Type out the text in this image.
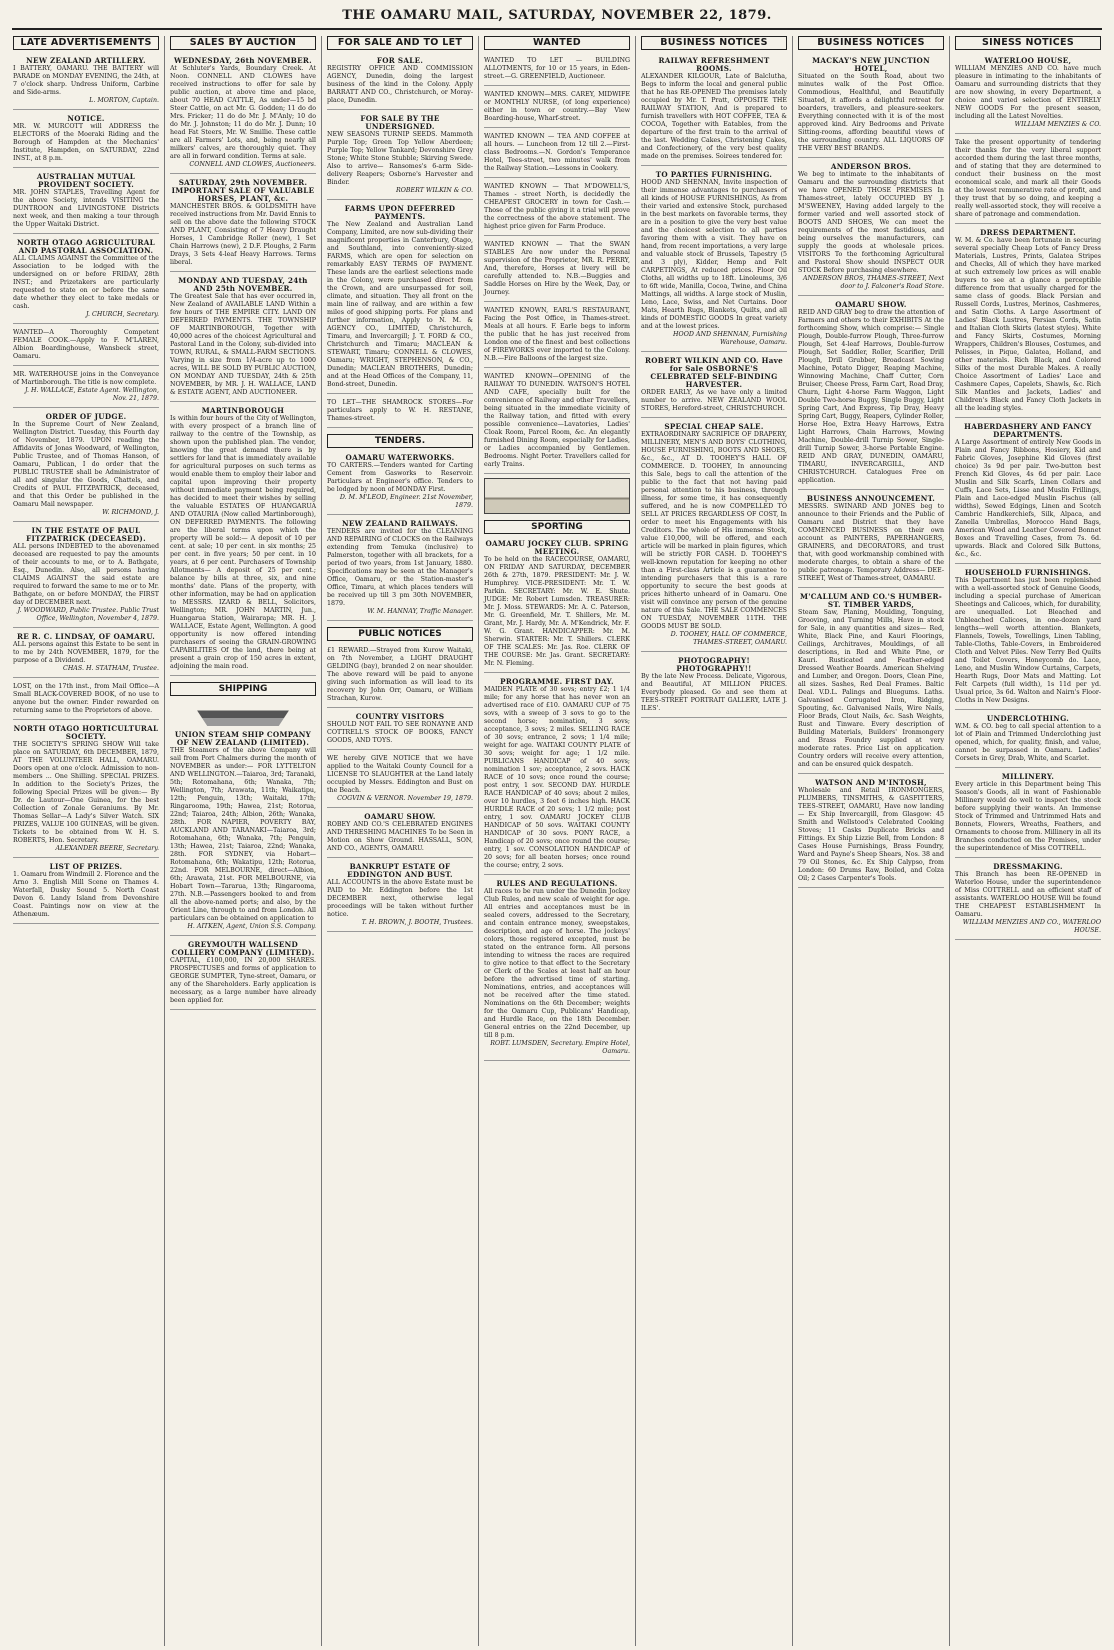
THE OAMARU MAIL, SATURDAY, NOVEMBER 22, 1879.
LATE ADVERTISEMENTS
NEW ZEALAND ARTILLERY.
I BATTERY, OAMARU. THE BATTERY will PARADE on MONDAY EVENING, the 24th, at 7 o'clock sharp. Undress Uniform, Carbine and Side-arms.
L. MORTON, Captain.
NOTICE.
MR. W. MURCOTT will ADDRESS the ELECTORS of the Moeraki Riding and the Borough of Hampden at the Mechanics' Institute, Hampden, on SATURDAY, 22nd INST., at 8 p.m.
AUSTRALIAN MUTUAL PROVIDENT SOCIETY.
MR. JOHN STAPLES, Travelling Agent for the above Society, intends VISITING the DUNTROON and LIVINGSTONE Districts next week, and then making a tour through the Upper Waitaki District.
NORTH OTAGO AGRICULTURAL AND PASTORAL ASSOCIATION.
ALL CLAIMS AGAINST the Committee of the Association to be lodged with the undersigned on or before FRIDAY, 28th INST.; and Prizetakers are particularly requested to state on or before the same date whether they elect to take medals or cash.
J. CHURCH, Secretary.
WANTED—A Thoroughly Competent FEMALE COOK.—Apply to F. M'LAREN, Albion Boardinghouse, Wansbeck street, Oamaru.
MR. WATERHOUSE joins in the Conveyance of Martinborough. The title is now complete.
J. H. WALLACE, Estate Agent. Wellington, Nov. 21, 1879.
ORDER OF JUDGE.
In the Supreme Court of New Zealand, Wellington District. Tuesday, this Fourth day of November, 1879. UPON reading the Affidavits of Jonas Woodward, of Wellington, Public Trustee, and of Thomas Hanson, of Oamaru, Publican, I do order that the PUBLIC TRUSTEE shall be Administrator of all and singular the Goods, Chattels, and Credits of PAUL FITZPATRICK, deceased, and that this Order be published in the Oamaru Mail newspaper.
W. RICHMOND, J.
IN THE ESTATE OF PAUL FITZPATRICK (DECEASED).
ALL persons INDEBTED to the abovenamed deceased are requested to pay the amounts of their accounts to me, or to A. Bathgate, Esq., Dunedin. Also, all persons having CLAIMS AGAINST the said estate are required to forward the same to me or to Mr. Bathgate, on or before MONDAY, the FIRST day of DECEMBER next.
J. WOODWARD, Public Trustee. Public Trust Office, Wellington, November 4, 1879.
RE R. C. LINDSAY, OF OAMARU.
ALL persons against this Estate to be sent in to me by 24th NOVEMBER, 1879, for the purpose of a Dividend.
CHAS. H. STATHAM, Trustee.
LOST, on the 17th inst., from Mail Office—A Small BLACK-COVERED BOOK, of no use to anyone but the owner. Finder rewarded on returning same to the Proprietors of above.
NORTH OTAGO HORTICULTURAL SOCIETY.
THE SOCIETY'S SPRING SHOW Will take place on SATURDAY, 6th DECEMBER, 1879, AT THE VOLUNTEER HALL, OAMARU. Doors open at one o'clock. Admission to non-members ... One Shilling. SPECIAL PRIZES. In addition to the Society's Prizes, the following Special Prizes will be given:— By Dr. de Lautour—One Guinea, for the best Collection of Zonale Geraniums. By Mr. Thomas Sellar—A Lady's Silver Watch. SIX PRIZES, VALUE 100 GUINEAS, will be given. Tickets to be obtained from W. H. S. ROBERTS, Hon. Secretary.
ALEXANDER BEERE, Secretary.
LIST OF PRIZES.
1. Oamaru from Windmill 2. Florence and the Arno 3. English Mill Scene on Thames 4. Waterfall, Dusky Sound 5. North Coast Devon 6. Landy Island from Devonshire Coast. Paintings now on view at the Athenæum.
SALES BY AUCTION
WEDNESDAY, 26th NOVEMBER.
At Schluter's Yards, Boundary Creek. At Noon. CONNELL AND CLOWES have received instructions to offer for sale by public auction, at above time and place, about 70 HEAD CATTLE, As under—15 bd Steer Cattle, on act Mr. G. Godden; 11 do do Mrs. Fricker; 11 do do Mr. J. M'Anly; 10 do do Mr. J. Johnston; 11 do do Mr. J. Dunn; 10 head Fat Steers, Mr. W. Smillie. These cattle are all Farmers' Lots, and, being nearly all milkers' calves, are thoroughly quiet. They are all in forward condition. Terms at sale.
CONNELL AND CLOWES, Auctioneers.
SATURDAY, 29th NOVEMBER. IMPORTANT SALE OF VALUABLE HORSES, PLANT, &c.
MANCHESTER BROS. & GOLDSMITH have received instructions from Mr. David Ennis to sell on the above date the following STOCK AND PLANT, Consisting of 7 Heavy Draught Horses, 1 Cambridge Roller (new), 1 Set Chain Harrows (new), 2 D.F. Ploughs, 2 Farm Drays, 3 Sets 4-leaf Heavy Harrows. Terms liberal.
MONDAY AND TUESDAY, 24th AND 25th NOVEMBER.
The Greatest Sale that has ever occurred in, New Zealand of AVAILABLE LAND Within a few hours of THE EMPIRE CITY. LAND ON DEFERRED PAYMENTS. THE TOWNSHIP OF MARTINBOROUGH, Together with 40,000 acres of the choicest Agricultural and Pastoral Land in the Colony, sub-divided into TOWN, RURAL, & SMALL-FARM SECTIONS. Varying in size from 1/4-acre up to 1000 acres, WILL BE SOLD BY PUBLIC AUCTION, ON MONDAY AND TUESDAY, 24th & 25th NOVEMBER, by MR. J. H. WALLACE, LAND & ESTATE AGENT, AND AUCTIONEER.
MARTINBOROUGH
Is within four hours of the City of Wellington, with every prospect of a branch line of railway to the centre of the Township, as shown upon the published plan. The vendor, knowing the great demand there is by settlers for land that is immediately available for agricultural purposes on such terms as would enable them to employ their labor and capital upon improving their property without immediate payment being required, has decided to meet their wishes by selling the valuable ESTATES OF HUANGARUA AND OTAURIA (Now called Martinborough), ON DEFERRED PAYMENTS. The following are the liberal terms upon which the property will be sold:— A deposit of 10 per cent. at sale; 10 per cent. in six months; 25 per cent. in five years; 50 per cent. in 10 years, at 6 per cent. Purchasers of Township Allotments— A deposit of 25 per cent.; balance by bills at three, six, and nine months' date. Plans of the property, with other information, may be had on application to MESSRS. IZARD & BELL, Solicitors, Wellington; MR. JOHN MARTIN, Jun., Huangarua Station, Wairarapa; MR. H. J. WALLACE, Estate Agent, Wellington. A good opportunity is now offered intending purchasers of seeing the GRAIN-GROWING CAPABILITIES Of the land, there being at present a grain crop of 150 acres in extent, adjoining the main road.
SHIPPING
UNION STEAM SHIP COMPANY OF NEW ZEALAND (LIMITED).
THE Steamers of the above Company will sail from Port Chalmers during the month of NOVEMBER as under:— FOR LYTTELTON AND WELLINGTON.—Taiaroa, 3rd; Taranaki, 5th; Rotomahana, 6th; Wanaka, 7th; Wellington, 7th; Arawata, 11th; Waikatipu, 12th; Penguin, 13th; Waitaki, 17th; Ringarooma, 19th; Hawea, 21st; Rotorua, 22nd; Taiaroa, 24th; Albion, 26th; Wanaka, 28th. FOR NAPIER, POVERTY BAY, AUCKLAND AND TARANAKI—Taiaroa, 3rd; Rotomahana, 6th; Wanaka, 7th; Penguin, 13th; Hawea, 21st; Taiaroa, 22nd; Wanaka, 28th. FOR SYDNEY, via Hobart—Rotomahana, 6th; Wakatipu, 12th; Rotorua, 22nd. FOR MELBOURNE, direct—Albion, 6th; Arawata, 21st. FOR MELBOURNE, via Hobart Town—Tararua, 13th; Ringarooma, 27th. N.B.—Passengers booked to and from all the above-named ports; and also, by the Orient Line, through to and from London. All particulars can be obtained on application to
H. AITKEN, Agent, Union S.S. Company.
GREYMOUTH WALLSEND COLLIERY COMPANY (LIMITED).
CAPITAL, £100,000, IN 20,000 SHARES. PROSPECTUSES and forms of application to GEORGE SUMPTER, Tyne-street, Oamaru, or any of the Shareholders. Early application is necessary, as a large number have already been applied for.
FOR SALE AND TO LET
FOR SALE.
REGISTRY OFFICE AND COMMISSION AGENCY, Dunedin, doing the largest business of the kind in the Colony. Apply BARRATT AND CO., Christchurch, or Moray-place, Dunedin.
FOR SALE BY THE UNDERSIGNED.
NEW SEASONS TURNIP SEEDS. Mammoth Purple Top; Green Top Yellow Aberdeen; Purple Top; Yellow Tankard; Devonshire Grey Stone; White Stone Stubble; Skirving Swede. Also to arrive— Ransomes's 6-arm Side-delivery Reapers; Osborne's Harvester and Binder.
ROBERT WILKIN & CO.
FARMS UPON DEFERRED PAYMENTS.
The New Zealand and Australian Land Company, Limited, are now sub-dividing their magnificent properties in Canterbury, Otago, and Southland, into conveniently-sized FARMS, which are open for selection on remarkably EASY TERMS OF PAYMENT. These lands are the earliest selections made in the Colony, were purchased direct from the Crown, and are unsurpassed for soil, climate, and situation. They all front on the main line of railway, and are within a few miles of good shipping ports. For plans and further information, Apply to N. M. & AGENCY CO., LIMITED, Christchurch, Timaru, and Invercargill; J. T. FORD & CO., Christchurch and Timaru; MACLEAN & STEWART, Timaru; CONNELL & CLOWES, Oamaru; WRIGHT, STEPHENSON, & CO., Dunedin; MACLEAN BROTHERS, Dunedin; and at the Head Offices of the Company, 11, Bond-street, Dunedin.
TO LET—THE SHAMROCK STORES—For particulars apply to W. H. RESTANE, Thames-street.
TENDERS.
OAMARU WATERWORKS.
TO CARTERS.—Tenders wanted for Carting Cement from Gasworks to Reservoir. Particulars at Engineer's office. Tenders to be lodged by noon of MONDAY First.
D. M. M'LEOD, Engineer. 21st November, 1879.
NEW ZEALAND RAILWAYS.
TENDERS are invited for the CLEANING AND REPAIRING of CLOCKS on the Railways extending from Temuka (inclusive) to Palmerston, together with all brackets, for a period of two years, from 1st January, 1880. Specifications may be seen at the Manager's Office, Oamaru, or the Station-master's Office, Timaru, at which places tenders will be received up till 3 pm 30th NOVEMBER, 1879.
W. M. HANNAY, Traffic Manager.
PUBLIC NOTICES
£1 REWARD.—Strayed from Kurow Waitaki, on 7th November, a LIGHT DRAUGHT GELDING (bay), branded 2 on near shoulder. The above reward will be paid to anyone giving such information as will lead to its recovery by John Orr, Oamaru, or William Strachan, Kurow.
COUNTRY VISITORS
SHOULD NOT FAIL TO SEE RONAYNE AND COTTRELL'S STOCK OF BOOKS, FANCY GOODS, AND TOYS.
WE hereby GIVE NOTICE that we have applied to the Waitaki County Council for a LICENSE TO SLAUGHTER at the Land lately occupied by Messrs. Eddington and Bust on the Beach.
COGVIN & VERNOR. November 19, 1879.
OAMARU SHOW.
ROBEY AND CO.'S CELEBRATED ENGINES AND THRESHING MACHINES To be Seen in Motion on Show Ground. HASSALL, SON, AND CO., AGENTS, OAMARU.
BANKRUPT ESTATE OF EDDINGTON AND BUST.
ALL ACCOUNTS in the above Estate must be PAID to Mr. Eddington before the 1st DECEMBER next, otherwise legal proceedings will be taken without further notice.
T. H. BROWN, J. BOOTH, Trustees.
WANTED
WANTED TO LET — BUILDING ALLOTMENTS, for 10 or 15 years, in Eden-street.—G. GREENFIELD, Auctioneer.
WANTED KNOWN—MRS. CAREY, MIDWIFE or MONTHLY NURSE, (of long experience) either in town or country.—Bay View Boarding-house, Wharf-street.
WANTED KNOWN — TEA AND COFFEE at all hours. — Luncheon from 12 till 2.—First-class Bedrooms.—N. Gordon's Temperance Hotel, Tees-street, two minutes' walk from the Railway Station.—Lessons in Cookery.
WANTED KNOWN — That M'DOWELL'S, Thames - street North, is decidedly the CHEAPEST GROCERY in town for Cash.—Those of the public giving it a trial will prove the correctness of the above statement. The highest price given for Farm Produce.
WANTED KNOWN — That the SWAN STABLES Are now under the Personal supervision of the Proprietor, MR. R. PERRY, And, therefore, Horses at livery will be carefully attended to. N.B.—Buggies and Saddle Horses on Hire by the Week, Day, or Journey.
WANTED KNOWN, EARL'S RESTAURANT, Facing the Post Office, in Thames-street. Meals at all hours. F. Earle begs to inform the public that he has just received from London one of the finest and best collections of FIREWORKS ever imported to the Colony. N.B.—Fire Balloons of the largest size.
WANTED KNOWN—OPENING of the RAILWAY TO DUNEDIN. WATSON'S HOTEL AND CAFE, specially built for the convenience of Railway and other Travellers, being situated in the immediate vicinity of the Railway tation, and fitted with every possible convenience—Lavatories, Ladies' Cloak Room, Parcel Room, &c. An elegantly furnished Dining Room, especially for Ladies, or Ladies accompanied by Gentlemen. Bedrooms. Night Porter. Travellers called for early Trains.
SPORTING
OAMARU JOCKEY CLUB. SPRING MEETING.
To be held on the RACECOURSE, OAMARU, ON FRIDAY AND SATURDAY, DECEMBER 26th & 27th, 1879. PRESIDENT: Mr. J. W. Humphrey. VICE-PRESIDENT: Mr. T. W. Parkin. SECRETARY: Mr. W. E. Shute. JUDGE: Mr. Robert Lumsden. TREASURER: Mr. J. Moss. STEWARDS: Mr. A. C. Paterson, Mr. G. Greenfield, Mr. T. Shillers, Mr. M. Grant, Mr. J. Hardy, Mr. A. M'Kendrick, Mr. F. W. G. Grant. HANDICAPPER: Mr. M. Sherwin. STARTER: Mr. T. Shillers. CLERK OF THE SCALES: Mr. Jas. Roe. CLERK OF THE COURSE: Mr. Jas. Grant. SECRETARY: Mr. N. Fleming.
PROGRAMME. FIRST DAY.
MAIDEN PLATE of 30 sovs; entry £2; 1 1/4 mile; for any horse that has never won an advertised race of £10. OAMARU CUP of 75 sovs, with a sweep of 3 sovs to go to the second horse; nomination, 3 sovs; acceptance, 3 sovs; 2 miles. SELLING RACE of 30 sovs; entrance, 2 sovs; 1 1/4 mile; weight for age. WAITAKI COUNTY PLATE of 30 sovs; weight for age; 1 1/2 mile. PUBLICANS HANDICAP of 40 sovs; nomination 1 sov; acceptance, 2 sovs. HACK RACE of 10 sovs; once round the course; post entry, 1 sov. SECOND DAY. HURDLE RACE HANDICAP of 40 sovs; about 2 miles, over 10 hurdles, 3 feet 6 inches high. HACK HURDLE RACE of 20 sovs; 1 1/2 mile; post entry, 1 sov. OAMARU JOCKEY CLUB HANDICAP of 50 sovs. WAITAKI COUNTY HANDICAP of 30 sovs. PONY RACE, a Handicap of 20 sovs; once round the course; entry, 1 sov. CONSOLATION HANDICAP of 20 sovs; for all beaten horses; once round the course; entry, 2 sovs.
RULES AND REGULATIONS.
All races to be run under the Dunedin Jockey Club Rules, and new scale of weight for age. All entries and acceptances must be in sealed covers, addressed to the Secretary, and contain entrance money, sweepstakes, description, and age of horse. The jockeys' colors, those registered excepted, must be stated on the entrance form. All persons intending to witness the races are required to give notice to that effect to the Secretary or Clerk of the Scales at least half an hour before the advertised time of starting. Nominations, entries, and acceptances will not be received after the time stated. Nominations on the 6th December; weights for the Oamaru Cup, Publicans' Handicap, and Hurdle Race, on the 18th December. General entries on the 22nd December, up till 8 p.m.
ROBT. LUMSDEN, Secretary. Empire Hotel, Oamaru.
BUSINESS NOTICES
RAILWAY REFRESHMENT ROOMS.
ALEXANDER KILGOUR, Late of Balclutha, Begs to inform the local and general public that he has RE-OPENED The premises lately occupied by Mr. T. Pratt, OPPOSITE THE RAILWAY STATION, And is prepared to furnish travellers with HOT COFFEE, TEA & COCOA, Together with Eatables, from the departure of the first train to the arrival of the last. Wedding Cakes, Christening Cakes, and Confectionery, of the very best quality made on the premises. Soirees tendered for.
TO PARTIES FURNISHING.
HOOD AND SHENNAN, Invite inspection of their immense advantages to purchasers of all kinds of HOUSE FURNISHINGS, As from their varied and extensive Stock, purchased in the best markets on favorable terms, they are in a position to give the very best value and the choicest selection to all parties favoring them with a visit. They have on hand, from recent importations, a very large and valuable stock of Brussels, Tapestry (5 and 3 ply), Kidder, Hemp and Felt CARPETINGS, At reduced prices. Floor Oil Cloths, all widths up to 18ft. Linoleums, 3/6 to 6ft wide, Manilla, Cocoa, Twine, and China Mattings, all widths. A large stock of Muslin, Leno, Lace, Swiss, and Net Curtains. Door Mats, Hearth Rugs, Blankets, Quilts, and all kinds of DOMESTIC GOODS In great variety and at the lowest prices.
HOOD AND SHENNAN, Furnishing Warehouse, Oamaru.
ROBERT WILKIN AND CO. Have for Sale OSBORNE'S CELEBRATED SELF-BINDING HARVESTER.
ORDER EARLY, As we have only a limited number to arrive. NEW ZEALAND WOOL STORES, Hereford-street, CHRISTCHURCH.
SPECIAL CHEAP SALE.
EXTRAORDINARY SACRIFICE OF DRAPERY, MILLINERY, MEN'S AND BOYS' CLOTHING, HOUSE FURNISHING, BOOTS AND SHOES, &c., &c., AT D. TOOHEY'S HALL OF COMMERCE. D. TOOHEY, In announcing this Sale, begs to call the attention of the public to the fact that not having paid personal attention to his business, through illness, for some time, it has consequently suffered, and he is now COMPELLED TO SELL AT PRICES REGARDLESS OF COST, In order to meet his Engagements with his Creditors. The whole of His immense Stock, value £10,000, will be offered, and each article will be marked in plain figures, which will be strictly FOR CASH. D. TOOHEY'S well-known reputation for keeping no other than a First-class Article is a guarantee to intending purchasers that this is a rare opportunity to secure the best goods at prices hitherto unheard of in Oamaru. One visit will convince any person of the genuine nature of this Sale. THE SALE COMMENCES ON TUESDAY, NOVEMBER 11TH. THE GOODS MUST BE SOLD.
D. TOOHEY, HALL OF COMMERCE, THAMES-STREET, OAMARU.
PHOTOGRAPHY! PHOTOGRAPHY!!
By the late New Process. Delicate, Vigorous, and Beautiful, AT MILLION PRICES. Everybody pleased. Go and see them at TEES-STREET PORTRAIT GALLERY, LATE J. ILES'.
BUSINESS NOTICES
MACKAY'S NEW JUNCTION HOTEL,
Situated on the South Road, about two minutes walk of the Post Office. Commodious, Healthful, and Beautifully Situated, it affords a delightful retreat for boarders, travellers, and pleasure-seekers. Everything connected with it is of the most approved kind. Airy Bedrooms and Private Sitting-rooms, affording beautiful views of the surrounding country. ALL LIQUORS OF THE VERY BEST BRANDS.
ANDERSON BROS.
We beg to intimate to the inhabitants of Oamaru and the surrounding districts that we have OPENED THOSE PREMISES In Thames-street, lately OCCUPIED BY J. M'SWEENEY, Having added largely to the former varied and well assorted stock of BOOTS AND SHOES, We can meet the requirements of the most fastidious, and being ourselves the manufacturers, can supply the goods at wholesale prices. VISITORS To the forthcoming Agricultural and Pastoral Show should INSPECT OUR STOCK Before purchasing elsewhere.
ANDERSON BROS, THAMES-STREET, Next door to J. Falconer's Road Store.
OAMARU SHOW.
REID AND GRAY beg to draw the attention of Farmers and others to their EXHIBITS At the forthcoming Show, which comprise:— Single Plough, Double-furrow Plough, Three-furrow Plough, Set 4-leaf Harrows, Double-furrow Plough, Set Saddler, Roller, Scarifier, Drill Plough, Drill Grubber, Broadcast Sowing Machine, Potato Digger, Reaping Machine, Winnowing Machine, Chaff Cutter, Corn Bruiser, Cheese Press, Farm Cart, Road Dray, Churn, Light 4-horse Farm Waggon, Light Double Two-horse Buggy, Single Buggy, Light Spring Cart, And Express, Tip Dray, Heavy Spring Cart, Buggy, Reapers, Cylinder Roller, Horse Hoe, Extra Heavy Harrows, Extra Light Harrows, Chain Harrows, Mowing Machine, Double-drill Turnip Sower, Single-drill Turnip Sower, 3-horse Portable Engine. REID AND GRAY, DUNEDIN, OAMARU, TIMARU, INVERCARGILL, AND CHRISTCHURCH. Catalogues Free on application.
BUSINESS ANNOUNCEMENT.
MESSRS. SWINARD AND JONES beg to announce to their Friends and the Public of Oamaru and District that they have COMMENCED BUSINESS on their own account as PAINTERS, PAPERHANGERS, GRAINERS, and DECORATORS, and trust that, with good workmanship combined with moderate charges, to obtain a share of the public patronage. Temporary Address— DEE-STREET, West of Thames-street, OAMARU.
M'CALLUM AND CO.'S HUMBER-ST. TIMBER YARDS,
Steam Saw, Planing, Moulding, Tonguing, Grooving, and Turning Mills, Have in stock for Sale, in any quantities and sizes— Red, White, Black Pine, and Kauri Floorings, Ceilings, Architraves, Mouldings, of all descriptions, in Red and White Pine, or Kauri. Rusticated and Feather-edged Dressed Weather Boards. American Shelving and Lumber, and Oregon. Doors, Clean Pine, all sizes. Sashes, Red Deal Frames. Baltic Deal. V.D.L. Palings and Bluegums. Laths. Galvanised Corrugated Iron, Ridging, Spouting, &c. Galvanised Nails, Wire Nails, Floor Brads, Clout Nails, &c. Sash Weights, Rust and Tinware. Every description of Building Materials, Builders' Ironmongery and Brass Foundry supplied at very moderate rates. Price List on application. Country orders will receive every attention, and can be ensured quick despatch.
WATSON AND M'INTOSH,
Wholesale and Retail IRONMONGERS, PLUMBERS, TINSMITHS, & GASFITTERS, TEES-STREET, OAMARU, Have now landing— Ex Ship Invercargill, from Glasgow: 45 Smith and Wellstood's Celebrated Cooking Stoves; 11 Casks Duplicate Bricks and Fittings. Ex Ship Lizzie Bell, from London: 8 Cases House Furnishings, Brass Foundry, Ward and Payne's Sheep Shears, Nos. 38 and 79 Oil Stones, &c. Ex Ship Calypso, from London: 60 Drums Raw, Boiled, and Colza Oil; 2 Cases Carpenter's Tools.
SINESS NOTICES
WATERLOO HOUSE,
WILLIAM MENZIES AND CO. have much pleasure in intimating to the inhabitants of Oamaru and surrounding districts that they are now showing, in every Department, a choice and varied selection of ENTIRELY NEW GOODS For the present season, including all the Latest Novelties.
WILLIAM MENZIES & CO.
Take the present opportunity of tendering their thanks for the very liberal support accorded them during the last three months, and of stating that they are determined to conduct their business on the most economical scale, and mark all their Goods at the lowest remunerative rate of profit, and they trust that by so doing, and keeping a really well-assorted stock, they will receive a share of patronage and commendation.
DRESS DEPARTMENT.
W. M. & Co. have been fortunate in securing several specially Cheap Lots of Fancy Dress Materials, Lustres, Prints, Galatea Stripes and Checks, All of which they have marked at such extremely low prices as will enable buyers to see at a glance a perceptible difference from that usually charged for the same class of goods. Black Persian and Russell Cords, Lustres, Merinos, Cashmeres, and Satin Cloths. A Large Assortment of Ladies' Black Lustres, Persian Cords, Satin and Italian Cloth Skirts (latest styles). White and Fancy Skirts, Costumes, Morning Wrappers, Children's Blouses, Costumes, and Pelisses, in Pique, Galatea, Holland, and other materials. Rich Black, and Colored Silks of the most Durable Makes. A really Choice Assortment of Ladies' Lace and Cashmere Capes, Capelets, Shawls, &c. Rich Silk Mantles and Jackets, Ladies' and Children's Black and Fancy Cloth Jackets in all the leading styles.
HABERDASHERY AND FANCY DEPARTMENTS.
A Large Assortment of entirely New Goods in Plain and Fancy Ribbons, Hosiery, Kid and Fabric Gloves, Josephine Kid Gloves (first choice) 3s 9d per pair. Two-button best French Kid Gloves, 4s 6d per pair. Lace Muslin and Silk Scarfs, Linen Collars and Cuffs, Lace Sets, Lisse and Muslin Frillings, Plain and Lace-edged Muslin Fischus (all widths), Sewed Edgings, Linen and Scotch Cambric Handkerchiefs, Silk, Alpaca, and Zanella Umbrellas, Morocco Hand Bags, American Wood and Leather Covered Bonnet Boxes and Travelling Cases, from 7s. 6d. upwards. Black and Colored Silk Buttons, &c., &c.
HOUSEHOLD FURNISHINGS.
This Department has just been replenished with a well-assorted stock of Genuine Goods, including a special purchase of American Sheetings and Calicoes, which, for durability, are unequalled. Lot Bleached and Unbleached Calicoes, in one-dozen yard lengths—well worth attention. Blankets, Flannels, Towels, Towellings, Linen Tabling, Table-Cloths, Table-Covers, in Embroidered Cloth and Velvet Piles. New Terry Bed Quilts and Toilet Covers, Honeycomb do. Lace, Leno, and Muslin Window Curtains, Carpets, Hearth Rugs, Door Mats and Matting. Lot Felt Carpets (full width), 1s 11d per yd. Usual price, 3s 6d. Walton and Nairn's Floor-Cloths in New Designs.
UNDERCLOTHING.
W.M. & CO. beg to call special attention to a lot of Plain and Trimmed Underclothing just opened, which, for quality, finish, and value, cannot be surpassed in Oamaru. Ladies' Corsets in Grey, Drab, White, and Scarlet.
MILLINERY.
Every article in this Department being This Season's Goods, all in want of Fashionable Millinery would do well to inspect the stock before supplying their wants. An Immense Stock of Trimmed and Untrimmed Hats and Bonnets, Flowers, Wreaths, Feathers, and Ornaments to choose from. Millinery in all its Branches conducted on the Premises, under the superintendence of Miss COTTRELL.
DRESSMAKING.
This Branch has been RE-OPENED in Waterloo House, under the superintendence of Miss COTTRELL and an efficient staff of assistants. WATERLOO HOUSE Will be found THE CHEAPEST ESTABLISHMENT In Oamaru.
WILLIAM MENZIES AND CO., WATERLOO HOUSE.
